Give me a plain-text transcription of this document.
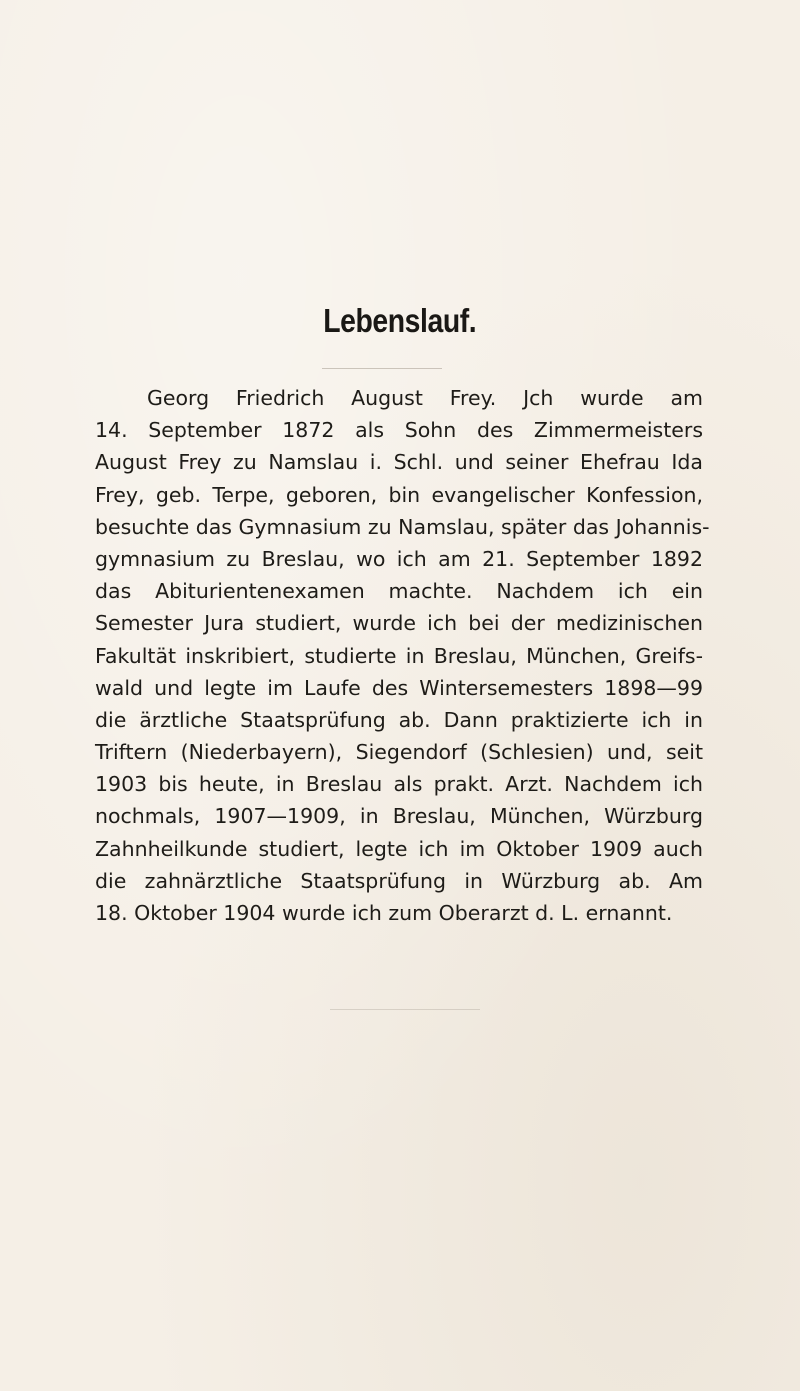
Lebenslauf.
Georg Friedrich August Frey. Jch wurde am
14. September 1872 als Sohn des Zimmermeisters
August Frey zu Namslau i. Schl. und seiner Ehefrau Ida
Frey, geb. Terpe, geboren, bin evangelischer Konfession,
besuchte das Gymnasium zu Namslau, später das Johannis-
gymnasium zu Breslau, wo ich am 21. September 1892
das Abiturientenexamen machte. Nachdem ich ein
Semester Jura studiert, wurde ich bei der medizinischen
Fakultät inskribiert, studierte in Breslau, München, Greifs-
wald und legte im Laufe des Wintersemesters 1898—99
die ärztliche Staatsprüfung ab. Dann praktizierte ich in
Triftern (Niederbayern), Siegendorf (Schlesien) und, seit
1903 bis heute, in Breslau als prakt. Arzt. Nachdem ich
nochmals, 1907—1909, in Breslau, München, Würzburg
Zahnheilkunde studiert, legte ich im Oktober 1909 auch
die zahnärztliche Staatsprüfung in Würzburg ab. Am
18. Oktober 1904 wurde ich zum Oberarzt d. L. ernannt.
